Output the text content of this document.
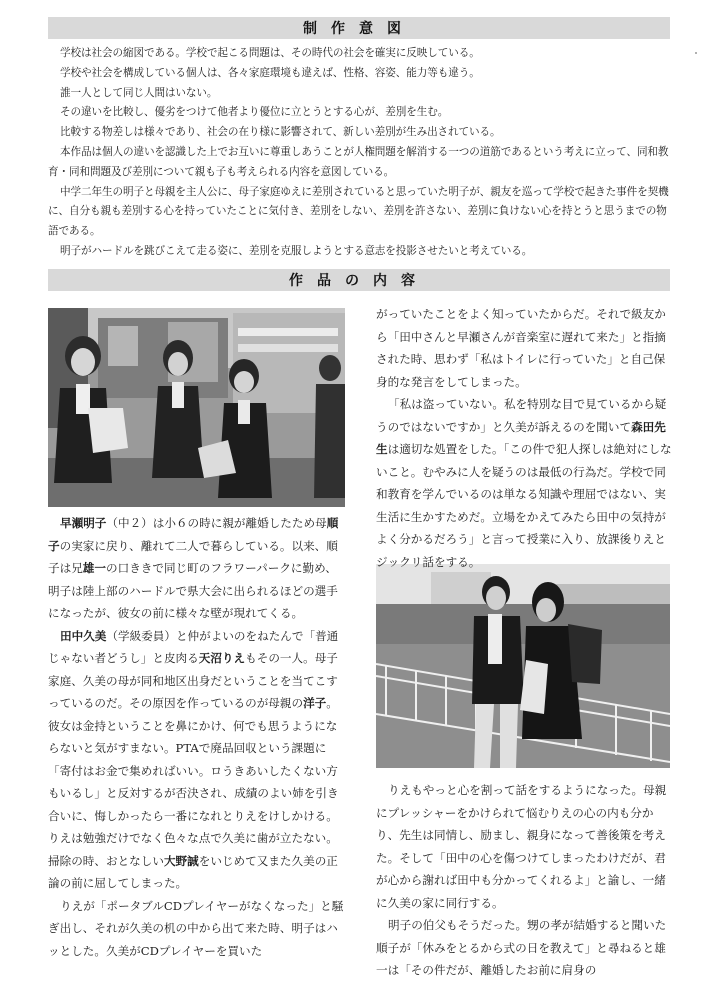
制作意図

学校は社会の縮図である。学校で起こる問題は、その時代の社会を確実に反映している。

学校や社会を構成している個人は、各々家庭環境も違えば、性格、容姿、能力等も違う。

誰一人として同じ人間はいない。

その違いを比較し、優劣をつけて他者より優位に立とうとする心が、差別を生む。

比較する物差しは様々であり、社会の在り様に影響されて、新しい差別が生み出されている。

本作品は個人の違いを認識した上でお互いに尊重しあうことが人権問題を解消する一つの道筋であるという考えに立って、同和教育・同和問題及び差別について親も子も考えられる内容を意図している。

中学二年生の明子と母親を主人公に、母子家庭ゆえに差別されていると思っていた明子が、親友を巡って学校で起きた事件を契機に、自分も親も差別する心を持っていたことに気付き、差別をしない、差別を許さない、差別に負けない心を持とうと思うまでの物語である。

明子がハードルを跳びこえて走る姿に、差別を克服しようとする意志を投影させたいと考えている。

作品の内容

早瀬明子（中２）は小６の時に親が離婚したため母順子の実家に戻り、離れて二人で暮らしている。以来、順子は兄雄一の口ききで同じ町のフラワーパークに勤め、明子は陸上部のハードルで県大会に出られるほどの選手になったが、彼女の前に様々な壁が現れてくる。

田中久美（学級委員）と仲がよいのをねたんで「普通じゃない者どうし」と皮肉る天沼りえもその一人。母子家庭、久美の母が同和地区出身だということを当てこすっているのだ。その原因を作っているのが母親の洋子。彼女は金持ということを鼻にかけ、何でも思うようにならないと気がすまない。PTAで廃品回収という課題に「寄付はお金で集めればいい。ロうきあいしたくない方もいるし」と反対するが否決され、成績のよい姉を引き合いに、悔しかったら一番になれとりえをけしかける。りえは勉強だけでなく色々な点で久美に歯が立たない。掃除の時、おとなしい大野誠をいじめて又また久美の正論の前に屈してしまった。

りえが「ポータブルCDプレイヤーがなくなった」と騒ぎ出し、それが久美の机の中から出て来た時、明子はハッとした。久美がCDプレイヤーを買いた

がっていたことをよく知っていたからだ。それで級友から「田中さんと早瀬さんが音楽室に遅れて来た」と指摘された時、思わず「私はトイレに行っていた」と自己保身的な発言をしてしまった。

「私は盗っていない。私を特別な目で見ているから疑うのではないですか」と久美が訴えるのを聞いて森田先生は適切な処置をした。「この件で犯人探しは絶対にしないこと。むやみに人を疑うのは最低の行為だ。学校で同和教育を学んでいるのは単なる知識や理屈ではない、実生活に生かすためだ。立場をかえてみたら田中の気持がよく分かるだろう」と言って授業に入り、放課後りえとジックリ話をする。

りえもやっと心を割って話をするようになった。母親にプレッシャーをかけられて悩むりえの心の内も分かり、先生は同情し、励まし、親身になって善後策を考えた。そして「田中の心を傷つけてしまったわけだが、君が心から謝れば田中も分かってくれるよ」と諭し、一緒に久美の家に同行する。

明子の伯父もそうだった。甥の孝が結婚すると聞いた順子が「休みをとるから式の日を教えて」と尋ねると雄一は「その件だが、離婚したお前に肩身の
